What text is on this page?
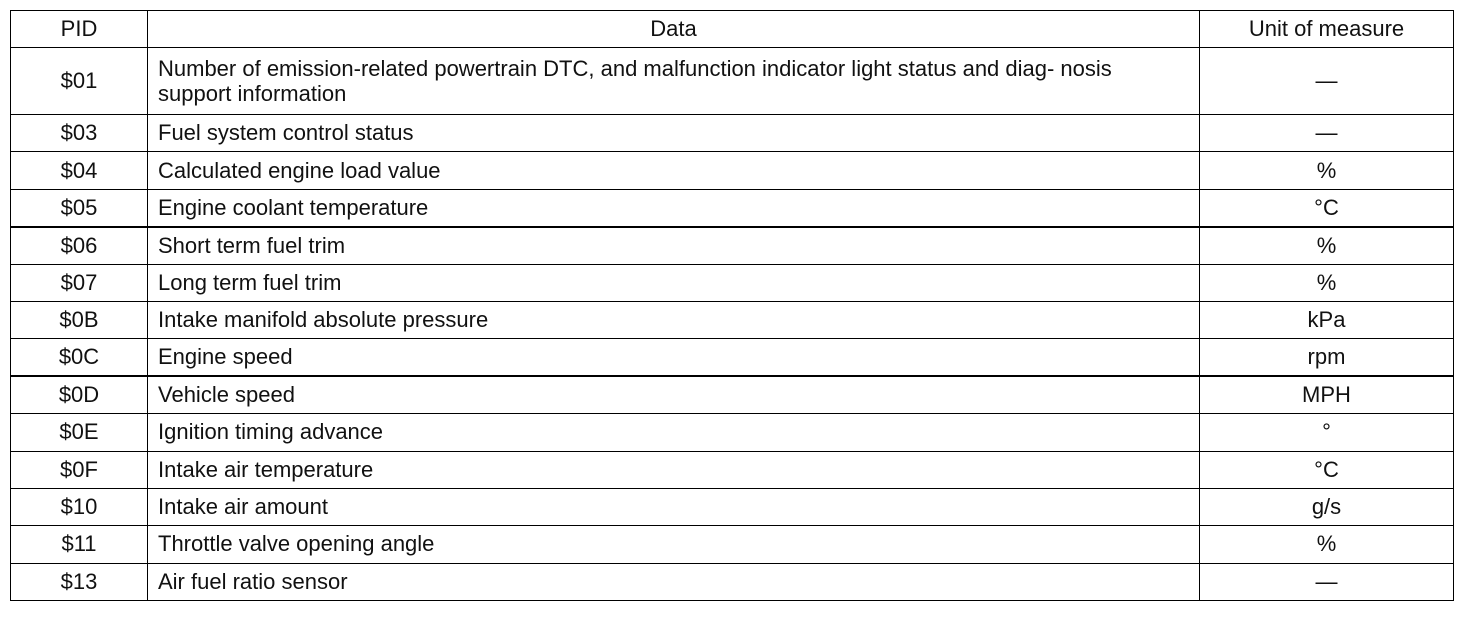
PID	Data	Unit of measure
$01	Number of emission-related powertrain DTC, and malfunction indicator light status and diag- nosis support information	—
$03	Fuel system control status	—
$04	Calculated engine load value	%
$05	Engine coolant temperature	°C
$06	Short term fuel trim	%
$07	Long term fuel trim	%
$0B	Intake manifold absolute pressure	kPa
$0C	Engine speed	rpm
$0D	Vehicle speed	MPH
$0E	Ignition timing advance	°
$0F	Intake air temperature	°C
$10	Intake air amount	g/s
$11	Throttle valve opening angle	%
$13	Air fuel ratio sensor	—
